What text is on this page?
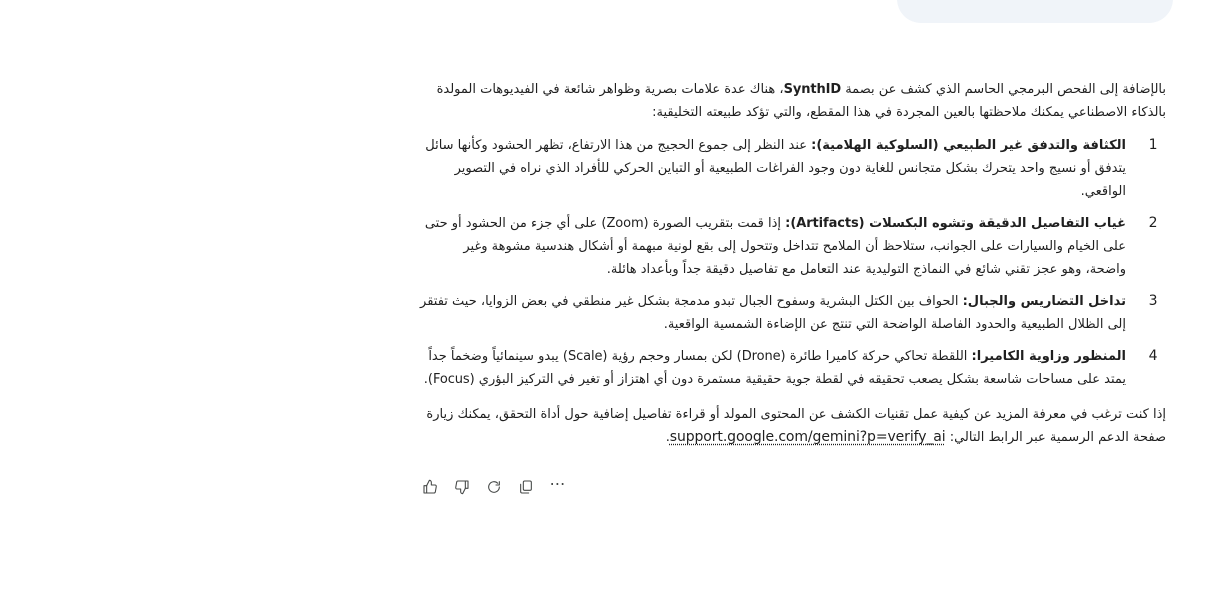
بالإضافة إلى الفحص البرمجي الحاسم الذي كشف عن بصمة SynthID، هناك عدة علامات بصرية وظواهر شائعة في الفيديوهات المولدة بالذكاء الاصطناعي يمكنك ملاحظتها بالعين المجردة في هذا المقطع، والتي تؤكد طبيعته التخليقية:

1
الكثافة والتدفق غير الطبيعي (السلوكية الهلامية): عند النظر إلى جموع الحجيج من هذا الارتفاع، تظهر الحشود وكأنها سائل يتدفق أو نسيج واحد يتحرك بشكل متجانس للغاية دون وجود الفراغات الطبيعية أو التباين الحركي للأفراد الذي نراه في التصوير الواقعي.
2
غياب التفاصيل الدقيقة وتشوه البكسلات (Artifacts): إذا قمت بتقريب الصورة (Zoom) على أي جزء من الحشود أو حتى على الخيام والسيارات على الجوانب، ستلاحظ أن الملامح تتداخل وتتحول إلى بقع لونية مبهمة أو أشكال هندسية مشوهة وغير واضحة، وهو عجز تقني شائع في النماذج التوليدية عند التعامل مع تفاصيل دقيقة جداً وبأعداد هائلة.
3
تداخل التضاريس والجبال: الحواف بين الكتل البشرية وسفوح الجبال تبدو مدمجة بشكل غير منطقي في بعض الزوايا، حيث تفتقر إلى الظلال الطبيعية والحدود الفاصلة الواضحة التي تنتج عن الإضاءة الشمسية الواقعية.
4
المنظور وزاوية الكاميرا: اللقطة تحاكي حركة كاميرا طائرة (Drone) لكن بمسار وحجم رؤية (Scale) يبدو سينمائياً وضخماً جداً يمتد على مساحات شاسعة بشكل يصعب تحقيقه في لقطة جوية حقيقية مستمرة دون أي اهتزاز أو تغير في التركيز البؤري (Focus).

إذا كنت ترغب في معرفة المزيد عن كيفية عمل تقنيات الكشف عن المحتوى المولد أو قراءة تفاصيل إضافية حول أداة التحقق، يمكنك زيارة صفحة الدعم الرسمية عبر الرابط التالي: support.google.com/gemini?p=verify_ai.

⋯
